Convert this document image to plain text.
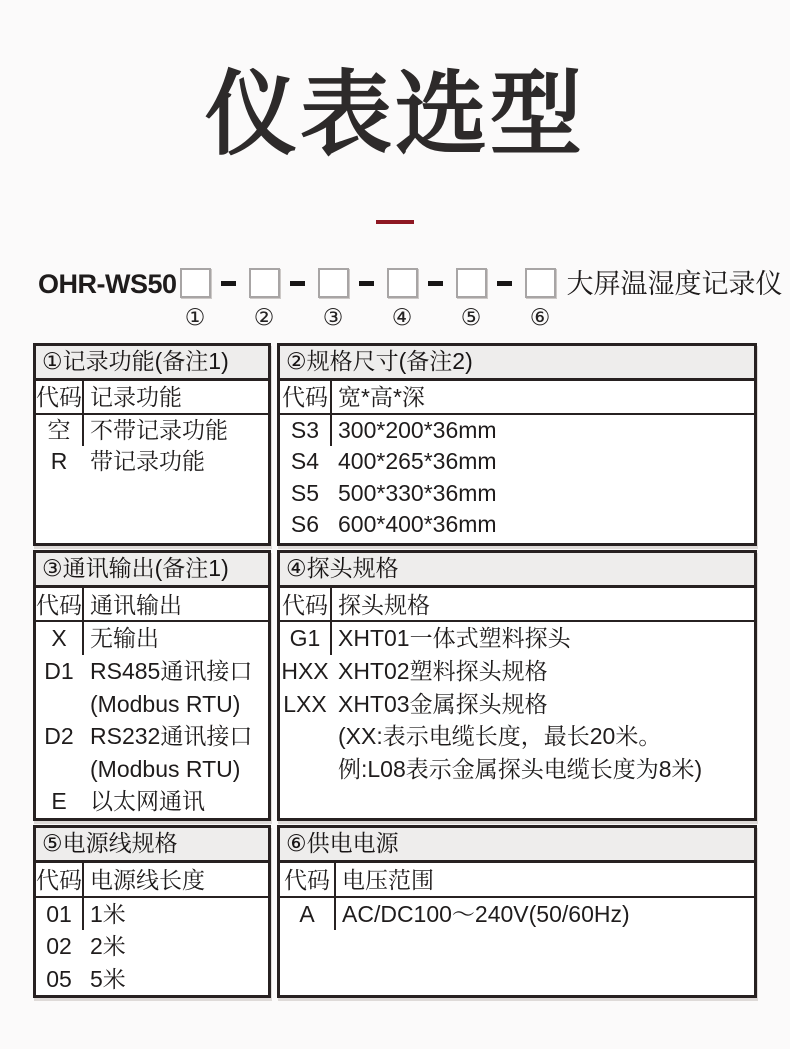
仪表选型
OHR-WS50
① ② ③ ④ ⑤ ⑥
大屏温湿度记录仪
①记录功能(备注1)
代码 记录功能
空
R
不带记录功能
带记录功能
②规格尺寸(备注2)
代码 宽*高*深
S3
S4
S5
S6
300*200*36mm
400*265*36mm
500*330*36mm
600*400*36mm
③通讯输出(备注1)
代码 通讯输出
X
D1
D2
E
无输出
RS485通讯接口
(Modbus RTU)
RS232通讯接口
(Modbus RTU)
以太网通讯
④探头规格
代码 探头规格
G1
HXX
LXX
XHT01一体式塑料探头
XHT02塑料探头规格
XHT03金属探头规格
(XX:表示电缆长度，最长20米。
例:L08表示金属探头电缆长度为8米)
⑤电源线规格
代码 电源线长度
01
02
05
1米
2米
5米
⑥供电电源
代码 电压范围
A	AC/DC100～240V(50/60Hz)
